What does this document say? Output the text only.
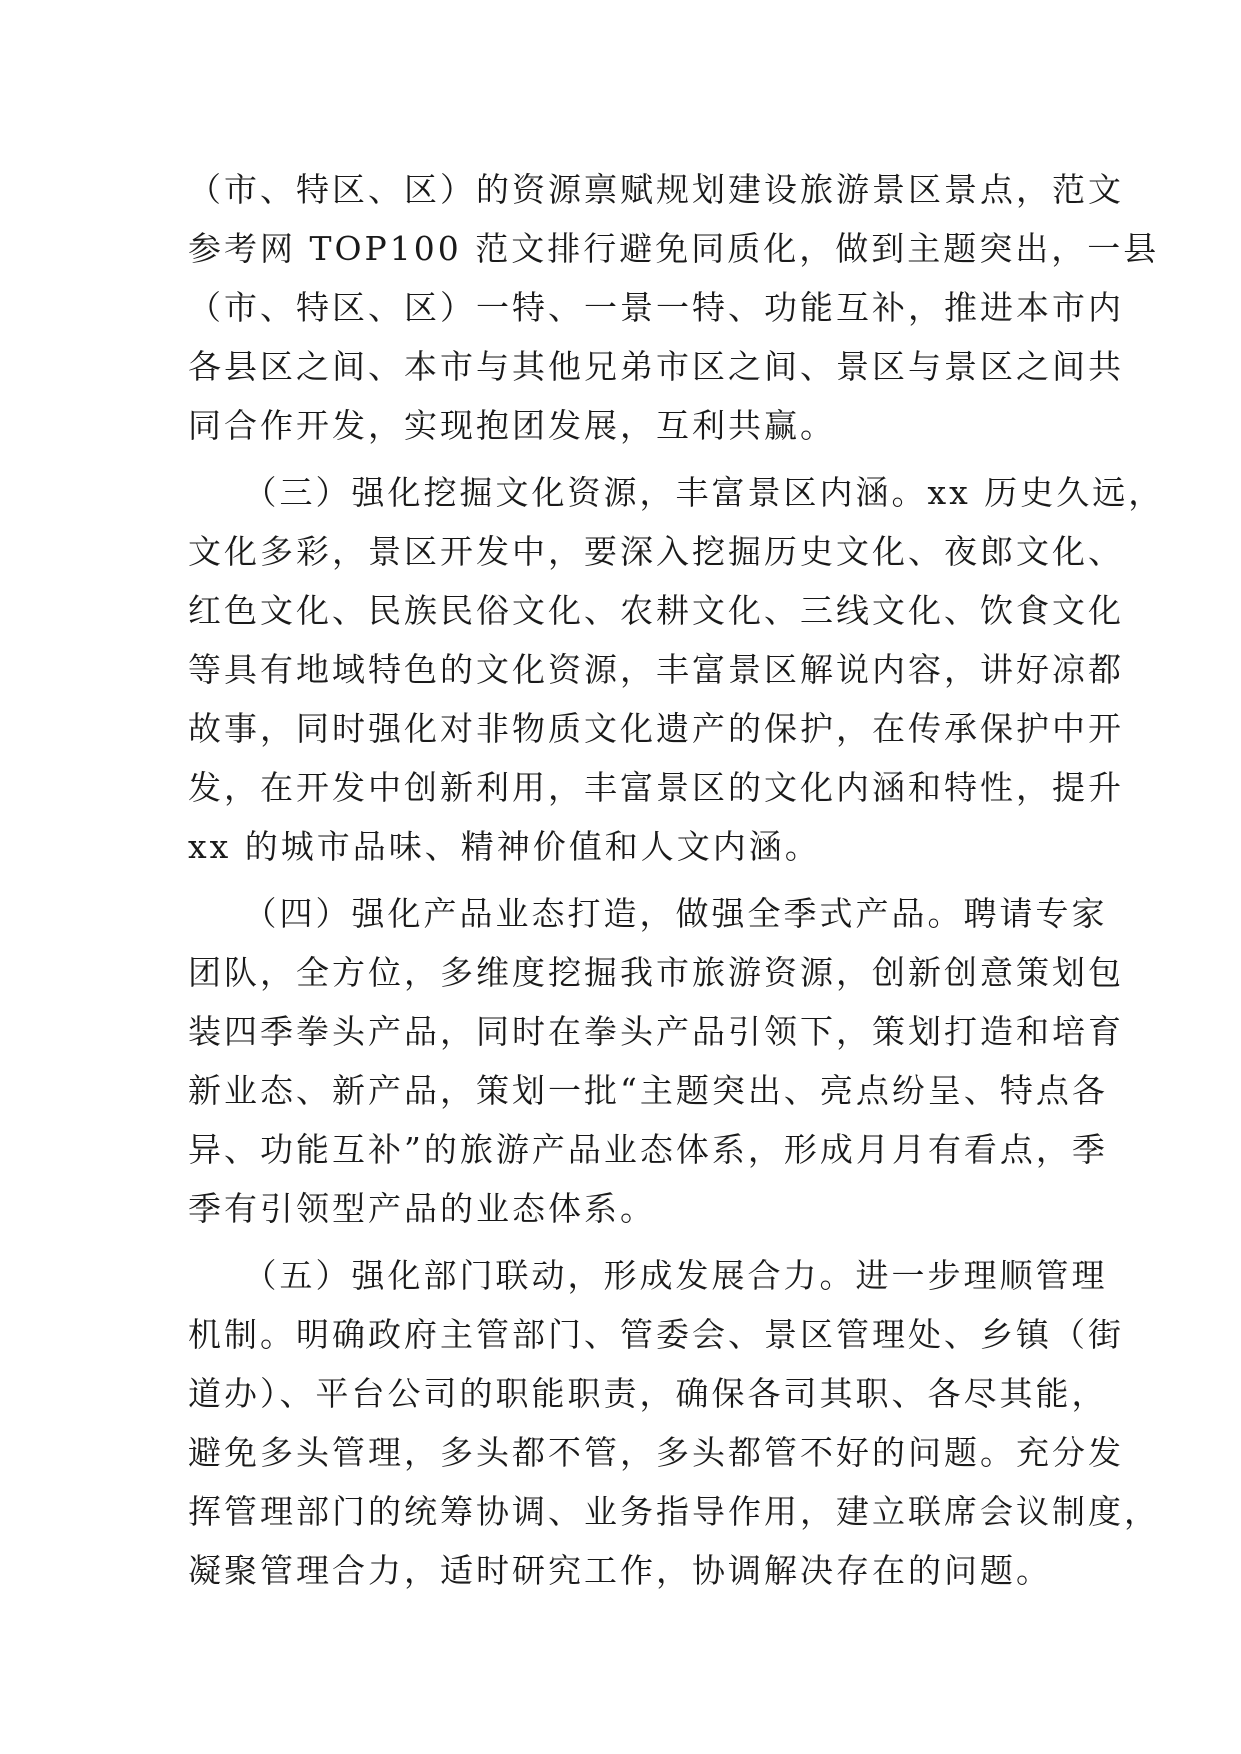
（市、特区、区）的资源禀赋规划建设旅游景区景点，范文
参考网 TOP100 范文排行避免同质化，做到主题突出，一县
（市、特区、区）一特、一景一特、功能互补，推进本市内
各县区之间、本市与其他兄弟市区之间、景区与景区之间共
同合作开发，实现抱团发展，互利共赢。
　　（三）强化挖掘文化资源，丰富景区内涵。xx 历史久远，
文化多彩，景区开发中，要深入挖掘历史文化、夜郎文化、
红色文化、民族民俗文化、农耕文化、三线文化、饮食文化
等具有地域特色的文化资源，丰富景区解说内容，讲好凉都
故事，同时强化对非物质文化遗产的保护，在传承保护中开
发，在开发中创新利用，丰富景区的文化内涵和特性，提升
xx 的城市品味、精神价值和人文内涵。
　　（四）强化产品业态打造，做强全季式产品。聘请专家
团队，全方位，多维度挖掘我市旅游资源，创新创意策划包
装四季拳头产品，同时在拳头产品引领下，策划打造和培育
新业态、新产品，策划一批“主题突出、亮点纷呈、特点各
异、功能互补”的旅游产品业态体系，形成月月有看点，季
季有引领型产品的业态体系。
　　（五）强化部门联动，形成发展合力。进一步理顺管理
机制。明确政府主管部门、管委会、景区管理处、乡镇（街
道办）、平台公司的职能职责，确保各司其职、各尽其能，
避免多头管理，多头都不管，多头都管不好的问题。充分发
挥管理部门的统筹协调、业务指导作用，建立联席会议制度，
凝聚管理合力，适时研究工作，协调解决存在的问题。
